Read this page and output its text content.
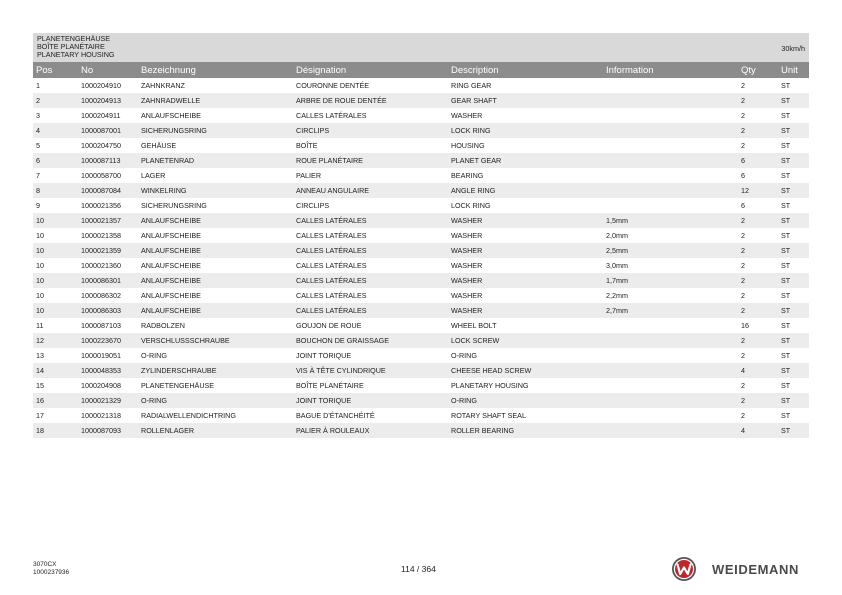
PLANETENGEHÄUSE
BOÎTE PLANÉTAIRE
PLANETARY HOUSING
30km/h
Pos	No	Bezeichnung	Désignation	Description	Information	Qty	Unit
1	1000204910	ZAHNKRANZ	COURONNE DENTÉE	RING GEAR		2	ST
2	1000204913	ZAHNRADWELLE	ARBRE DE ROUE DENTÉE	GEAR SHAFT		2	ST
3	1000204911	ANLAUFSCHEIBE	CALLES LATÉRALES	WASHER		2	ST
4	1000087001	SICHERUNGSRING	CIRCLIPS	LOCK RING		2	ST
5	1000204750	GEHÄUSE	BOÎTE	HOUSING		2	ST
6	1000087113	PLANETENRAD	ROUE PLANÉTAIRE	PLANET GEAR		6	ST
7	1000058700	LAGER	PALIER	BEARING		6	ST
8	1000087084	WINKELRING	ANNEAU ANGULAIRE	ANGLE RING		12	ST
9	1000021356	SICHERUNGSRING	CIRCLIPS	LOCK RING		6	ST
10	1000021357	ANLAUFSCHEIBE	CALLES LATÉRALES	WASHER	1,5mm	2	ST
10	1000021358	ANLAUFSCHEIBE	CALLES LATÉRALES	WASHER	2,0mm	2	ST
10	1000021359	ANLAUFSCHEIBE	CALLES LATÉRALES	WASHER	2,5mm	2	ST
10	1000021360	ANLAUFSCHEIBE	CALLES LATÉRALES	WASHER	3,0mm	2	ST
10	1000086301	ANLAUFSCHEIBE	CALLES LATÉRALES	WASHER	1,7mm	2	ST
10	1000086302	ANLAUFSCHEIBE	CALLES LATÉRALES	WASHER	2,2mm	2	ST
10	1000086303	ANLAUFSCHEIBE	CALLES LATÉRALES	WASHER	2,7mm	2	ST
11	1000087103	RADBOLZEN	GOUJON DE ROUE	WHEEL BOLT		16	ST
12	1000223670	VERSCHLUSSSCHRAUBE	BOUCHON DE GRAISSAGE	LOCK SCREW		2	ST
13	1000019051	O-RING	JOINT TORIQUE	O-RING		2	ST
14	1000048353	ZYLINDERSCHRAUBE	VIS À TÊTE CYLINDRIQUE	CHEESE HEAD SCREW		4	ST
15	1000204908	PLANETENGEHÄUSE	BOÎTE PLANÉTAIRE	PLANETARY HOUSING		2	ST
16	1000021329	O-RING	JOINT TORIQUE	O-RING		2	ST
17	1000021318	RADIALWELLENDICHTRING	BAGUE D'ÉTANCHÉITÉ	ROTARY SHAFT SEAL		2	ST
18	1000087093	ROLLENLAGER	PALIER À ROULEAUX	ROLLER BEARING		4	ST
3070CX
1000237936	114 / 364	WEIDEMANN
